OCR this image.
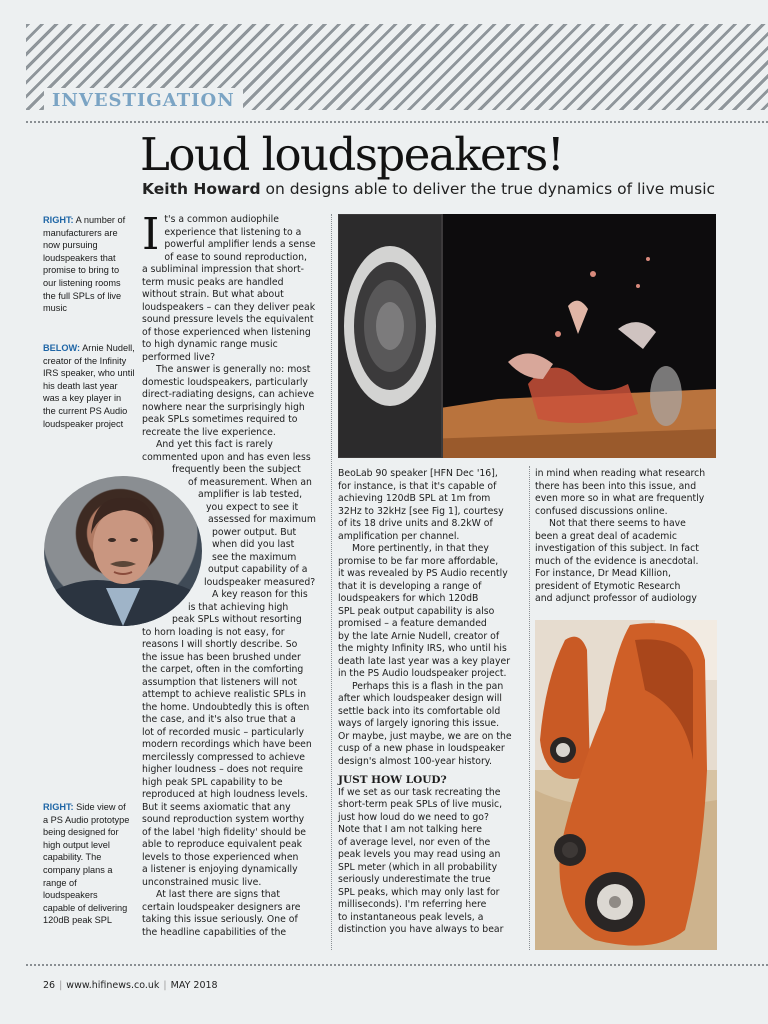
INVESTIGATION
Loud loudspeakers!
Keith Howard on designs able to deliver the true dynamics of live music
RIGHT: A number of manufacturers are now pursuing loudspeakers that promise to bring to our listening rooms the full SPLs of live music
BELOW: Arnie Nudell, creator of the Infinity IRS speaker, who until his death last year was a key player in the current PS Audio loudspeaker project
RIGHT: Side view of a PS Audio prototype being designed for high output level capability. The company plans a range of loudspeakers capable of delivering 120dB peak SPL
I t's a common audiophile
experience that listening to a
powerful amplifier lends a sense
of ease to sound reproduction,
a subliminal impression that short-
term music peaks are handled
without strain. But what about
loudspeakers – can they deliver peak
sound pressure levels the equivalent
of those experienced when listening
to high dynamic range music
performed live?
The answer is generally no: most
domestic loudspeakers, particularly
direct-radiating designs, can achieve
nowhere near the surprisingly high
peak SPLs sometimes required to
recreate the live experience.
And yet this fact is rarely
commented upon and has even less
frequently been the subject
of measurement. When an
amplifier is lab tested,
you expect to see it
assessed for maximum
power output. But
when did you last
see the maximum
output capability of a
loudspeaker measured?
A key reason for this
is that achieving high
peak SPLs without resorting
to horn loading is not easy, for
reasons I will shortly describe. So
the issue has been brushed under
the carpet, often in the comforting
assumption that listeners will not
attempt to achieve realistic SPLs in
the home. Undoubtedly this is often
the case, and it's also true that a
lot of recorded music – particularly
modern recordings which have been
mercilessly compressed to achieve
higher loudness – does not require
high peak SPL capability to be
reproduced at high loudness levels.
But it seems axiomatic that any
sound reproduction system worthy
of the label 'high fidelity' should be
able to reproduce equivalent peak
levels to those experienced when
a listener is enjoying dynamically
unconstrained music live.
At last there are signs that
certain loudspeaker designers are
taking this issue seriously. One of
the headline capabilities of the
BeoLab 90 speaker [HFN Dec '16],
for instance, is that it's capable of
achieving 120dB SPL at 1m from
32Hz to 32kHz [see Fig 1], courtesy
of its 18 drive units and 8.2kW of
amplification per channel.
More pertinently, in that they
promise to be far more affordable,
it was revealed by PS Audio recently
that it is developing a range of
loudspeakers for which 120dB
SPL peak output capability is also
promised – a feature demanded
by the late Arnie Nudell, creator of
the mighty Infinity IRS, who until his
death late last year was a key player
in the PS Audio loudspeaker project.
Perhaps this is a flash in the pan
after which loudspeaker design will
settle back into its comfortable old
ways of largely ignoring this issue.
Or maybe, just maybe, we are on the
cusp of a new phase in loudspeaker
design's almost 100-year history.
JUST HOW LOUD?
If we set as our task recreating the
short-term peak SPLs of live music,
just how loud do we need to go?
Note that I am not talking here
of average level, nor even of the
peak levels you may read using an
SPL meter (which in all probability
seriously underestimate the true
SPL peaks, which may only last for
milliseconds). I'm referring here
to instantaneous peak levels, a
distinction you have always to bear
in mind when reading what research
there has been into this issue, and
even more so in what are frequently
confused discussions online.
Not that there seems to have
been a great deal of academic
investigation of this subject. In fact
much of the evidence is anecdotal.
For instance, Dr Mead Killion,
president of Etymotic Research
and adjunct professor of audiology
26 | www.hifinews.co.uk | MAY 2018
